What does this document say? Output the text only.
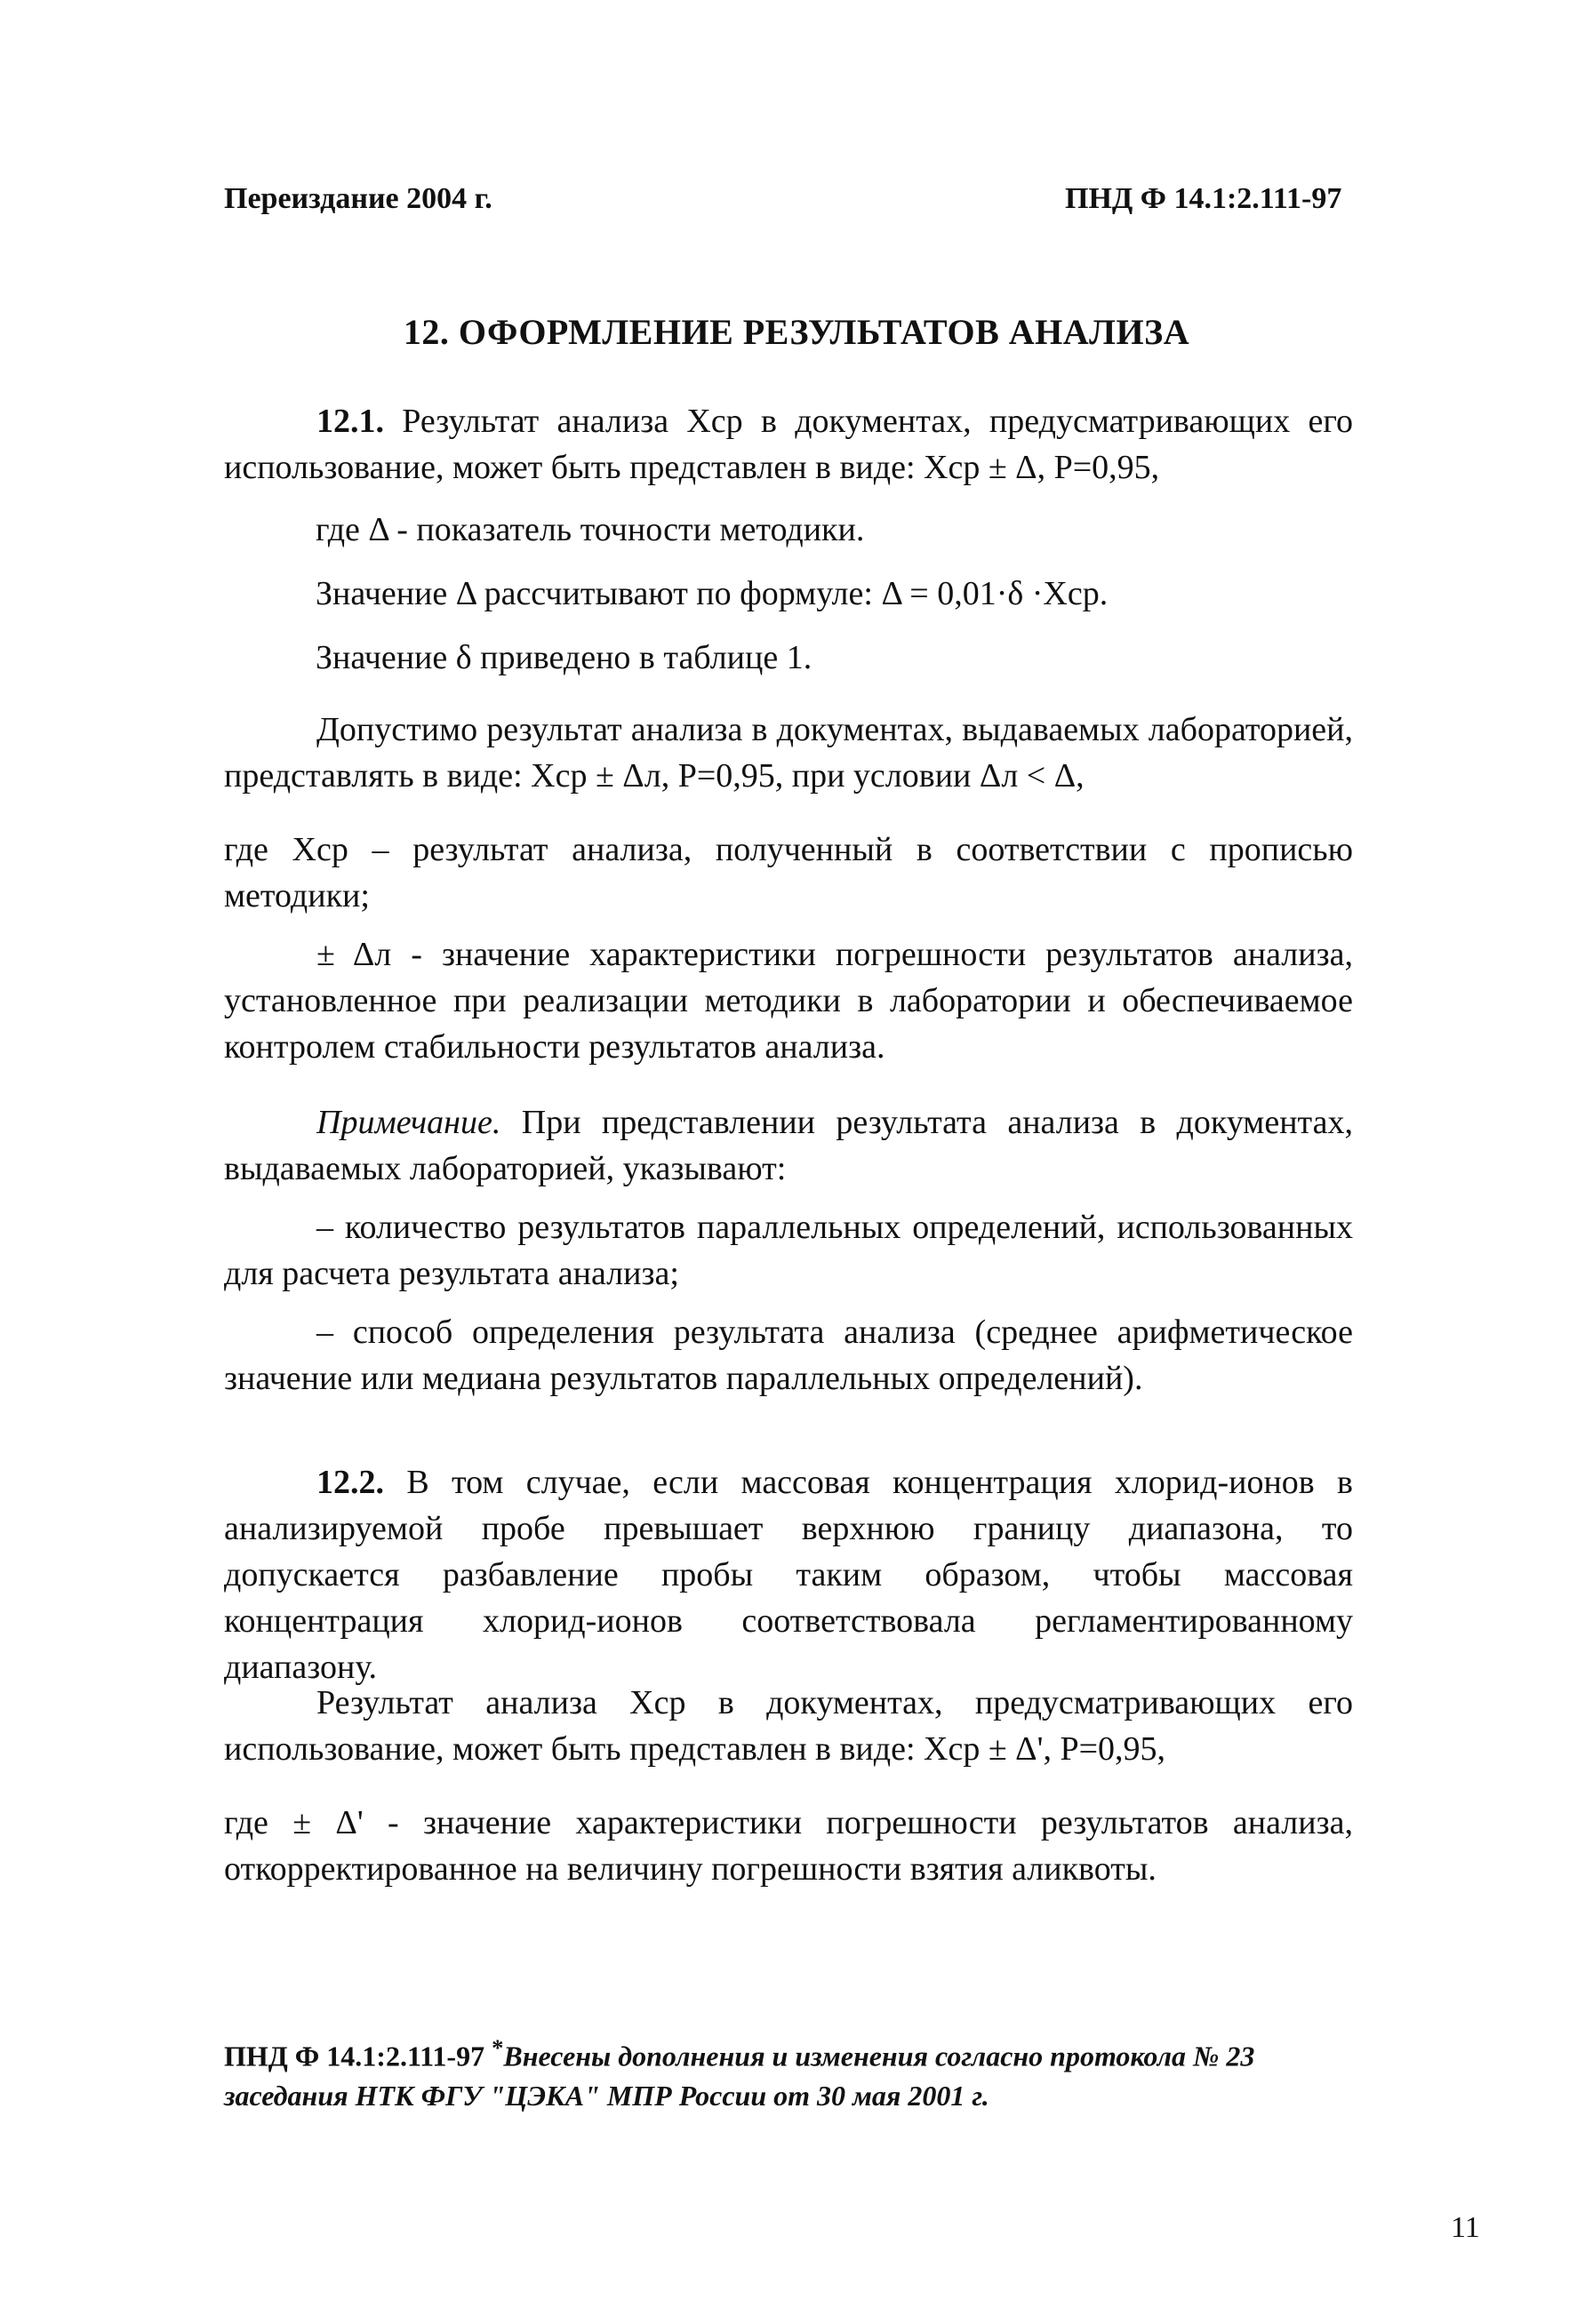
Переиздание 2004 г.	ПНД Ф 14.1:2.111-97
12. ОФОРМЛЕНИЕ РЕЗУЛЬТАТОВ АНАЛИЗА
12.1. Результат анализа Xср в документах, предусматривающих его использование, может быть представлен в виде: Xср ± Δ, P=0,95,
где Δ - показатель точности методики.
Значение Δ рассчитывают по формуле: Δ = 0,01·δ ·Xср.
Значение δ приведено в таблице 1.
Допустимо результат анализа в документах, выдаваемых лабораторией, представлять в виде: Xср ± Δл, P=0,95, при условии Δл < Δ,
где Xср – результат анализа, полученный в соответствии с прописью методики;
± Δл - значение характеристики погрешности результатов анализа, установленное при реализации методики в лаборатории и обеспечиваемое контролем стабильности результатов анализа.
Примечание. При представлении результата анализа в документах, выдаваемых лабораторией, указывают:
– количество результатов параллельных определений, использованных для расчета результата анализа;
– способ определения результата анализа (среднее арифметическое значение или медиана результатов параллельных определений).
12.2. В том случае, если массовая концентрация хлорид-ионов в анализируемой пробе превышает верхнюю границу диапазона, то допускается разбавление пробы таким образом, чтобы массовая концентрация хлорид-ионов соответствовала регламентированному диапазону.
Результат анализа Xср в документах, предусматривающих его использование, может быть представлен в виде: Xср ± Δ', P=0,95,
где ± Δ' - значение характеристики погрешности результатов анализа, откорректированное на величину погрешности взятия аликвоты.
ПНД Ф 14.1:2.111-97 *Внесены дополнения и изменения согласно протокола № 23 заседания НТК ФГУ "ЦЭКА" МПР России от 30 мая 2001 г.
11
